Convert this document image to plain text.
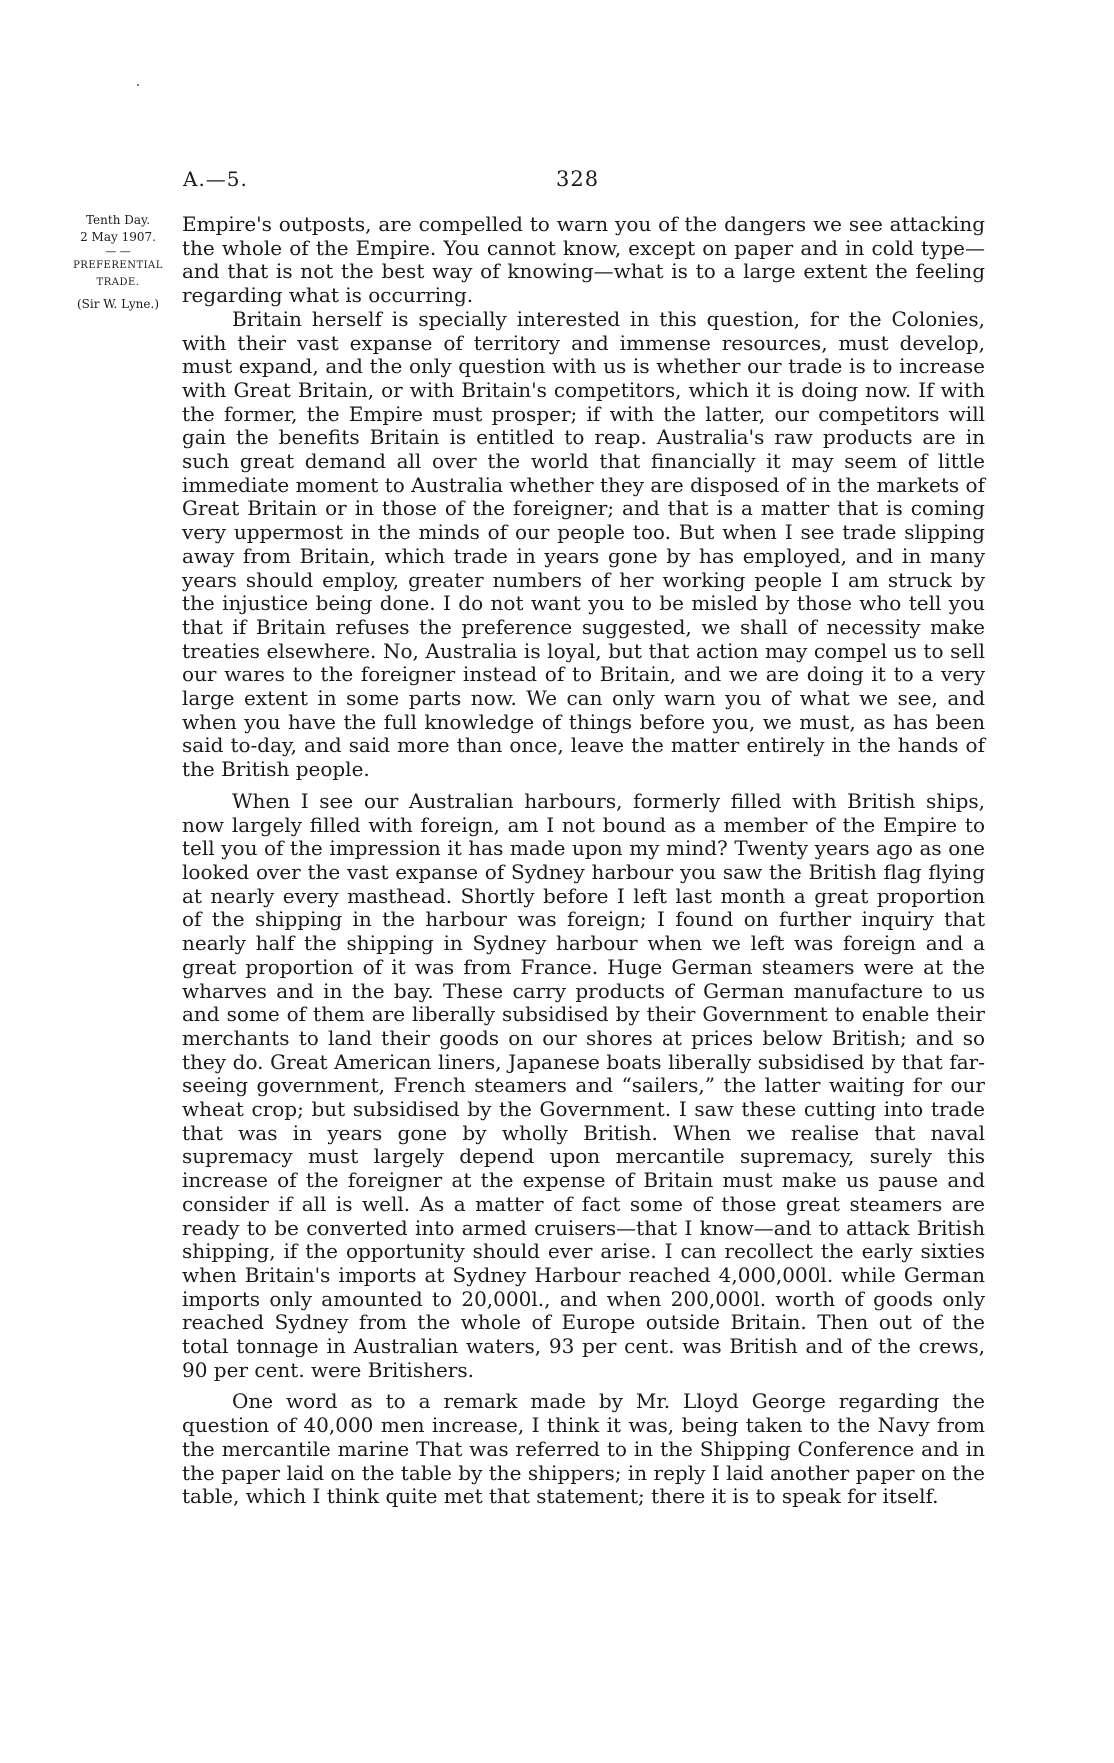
A.—5.	328
Tenth Day.
2 May 1907.
— —
PREFERENTIAL
TRADE.
(Sir W. Lyne.)

Empire's outposts, are compelled to warn you of the dangers we see attacking the whole of the Empire. You cannot know, except on paper and in cold type—and that is not the best way of knowing—what is to a large extent the feeling regarding what is occurring.

Britain herself is specially interested in this question, for the Colonies, with their vast expanse of territory and immense resources, must develop, must expand, and the only question with us is whether our trade is to increase with Great Britain, or with Britain's competitors, which it is doing now. If with the former, the Empire must prosper; if with the latter, our competitors will gain the benefits Britain is entitled to reap. Australia's raw products are in such great demand all over the world that financially it may seem of little immediate moment to Australia whether they are disposed of in the markets of Great Britain or in those of the foreigner; and that is a matter that is coming very uppermost in the minds of our people too. But when I see trade slipping away from Britain, which trade in years gone by has employed, and in many years should employ, greater numbers of her working people I am struck by the injustice being done. I do not want you to be misled by those who tell you that if Britain refuses the preference suggested, we shall of necessity make treaties elsewhere. No, Australia is loyal, but that action may compel us to sell our wares to the foreigner instead of to Britain, and we are doing it to a very large extent in some parts now. We can only warn you of what we see, and when you have the full knowledge of things before you, we must, as has been said to-day, and said more than once, leave the matter entirely in the hands of the British people.

When I see our Australian harbours, formerly filled with British ships, now largely filled with foreign, am I not bound as a member of the Empire to tell you of the impression it has made upon my mind? Twenty years ago as one looked over the vast expanse of Sydney harbour you saw the British flag flying at nearly every masthead. Shortly before I left last month a great proportion of the shipping in the harbour was foreign; I found on further inquiry that nearly half the shipping in Sydney harbour when we left was foreign and a great proportion of it was from France. Huge German steamers were at the wharves and in the bay. These carry products of German manufacture to us and some of them are liberally subsidised by their Government to enable their merchants to land their goods on our shores at prices below British; and so they do. Great American liners, Japanese boats liberally subsidised by that far-seeing government, French steamers and “sailers,” the latter waiting for our wheat crop; but subsidised by the Government. I saw these cutting into trade that was in years gone by wholly British. When we realise that naval supremacy must largely depend upon mercantile supremacy, surely this increase of the foreigner at the expense of Britain must make us pause and consider if all is well. As a matter of fact some of those great steamers are ready to be converted into armed cruisers—that I know—and to attack British shipping, if the opportunity should ever arise. I can recollect the early sixties when Britain's imports at Sydney Harbour reached 4,000,000l. while German imports only amounted to 20,000l., and when 200,000l. worth of goods only reached Sydney from the whole of Europe outside Britain. Then out of the total tonnage in Australian waters, 93 per cent. was British and of the crews, 90 per cent. were Britishers.

One word as to a remark made by Mr. Lloyd George regarding the question of 40,000 men increase, I think it was, being taken to the Navy from the mercantile marine That was referred to in the Shipping Conference and in the paper laid on the table by the shippers; in reply I laid another paper on the table, which I think quite met that statement; there it is to speak for itself.
